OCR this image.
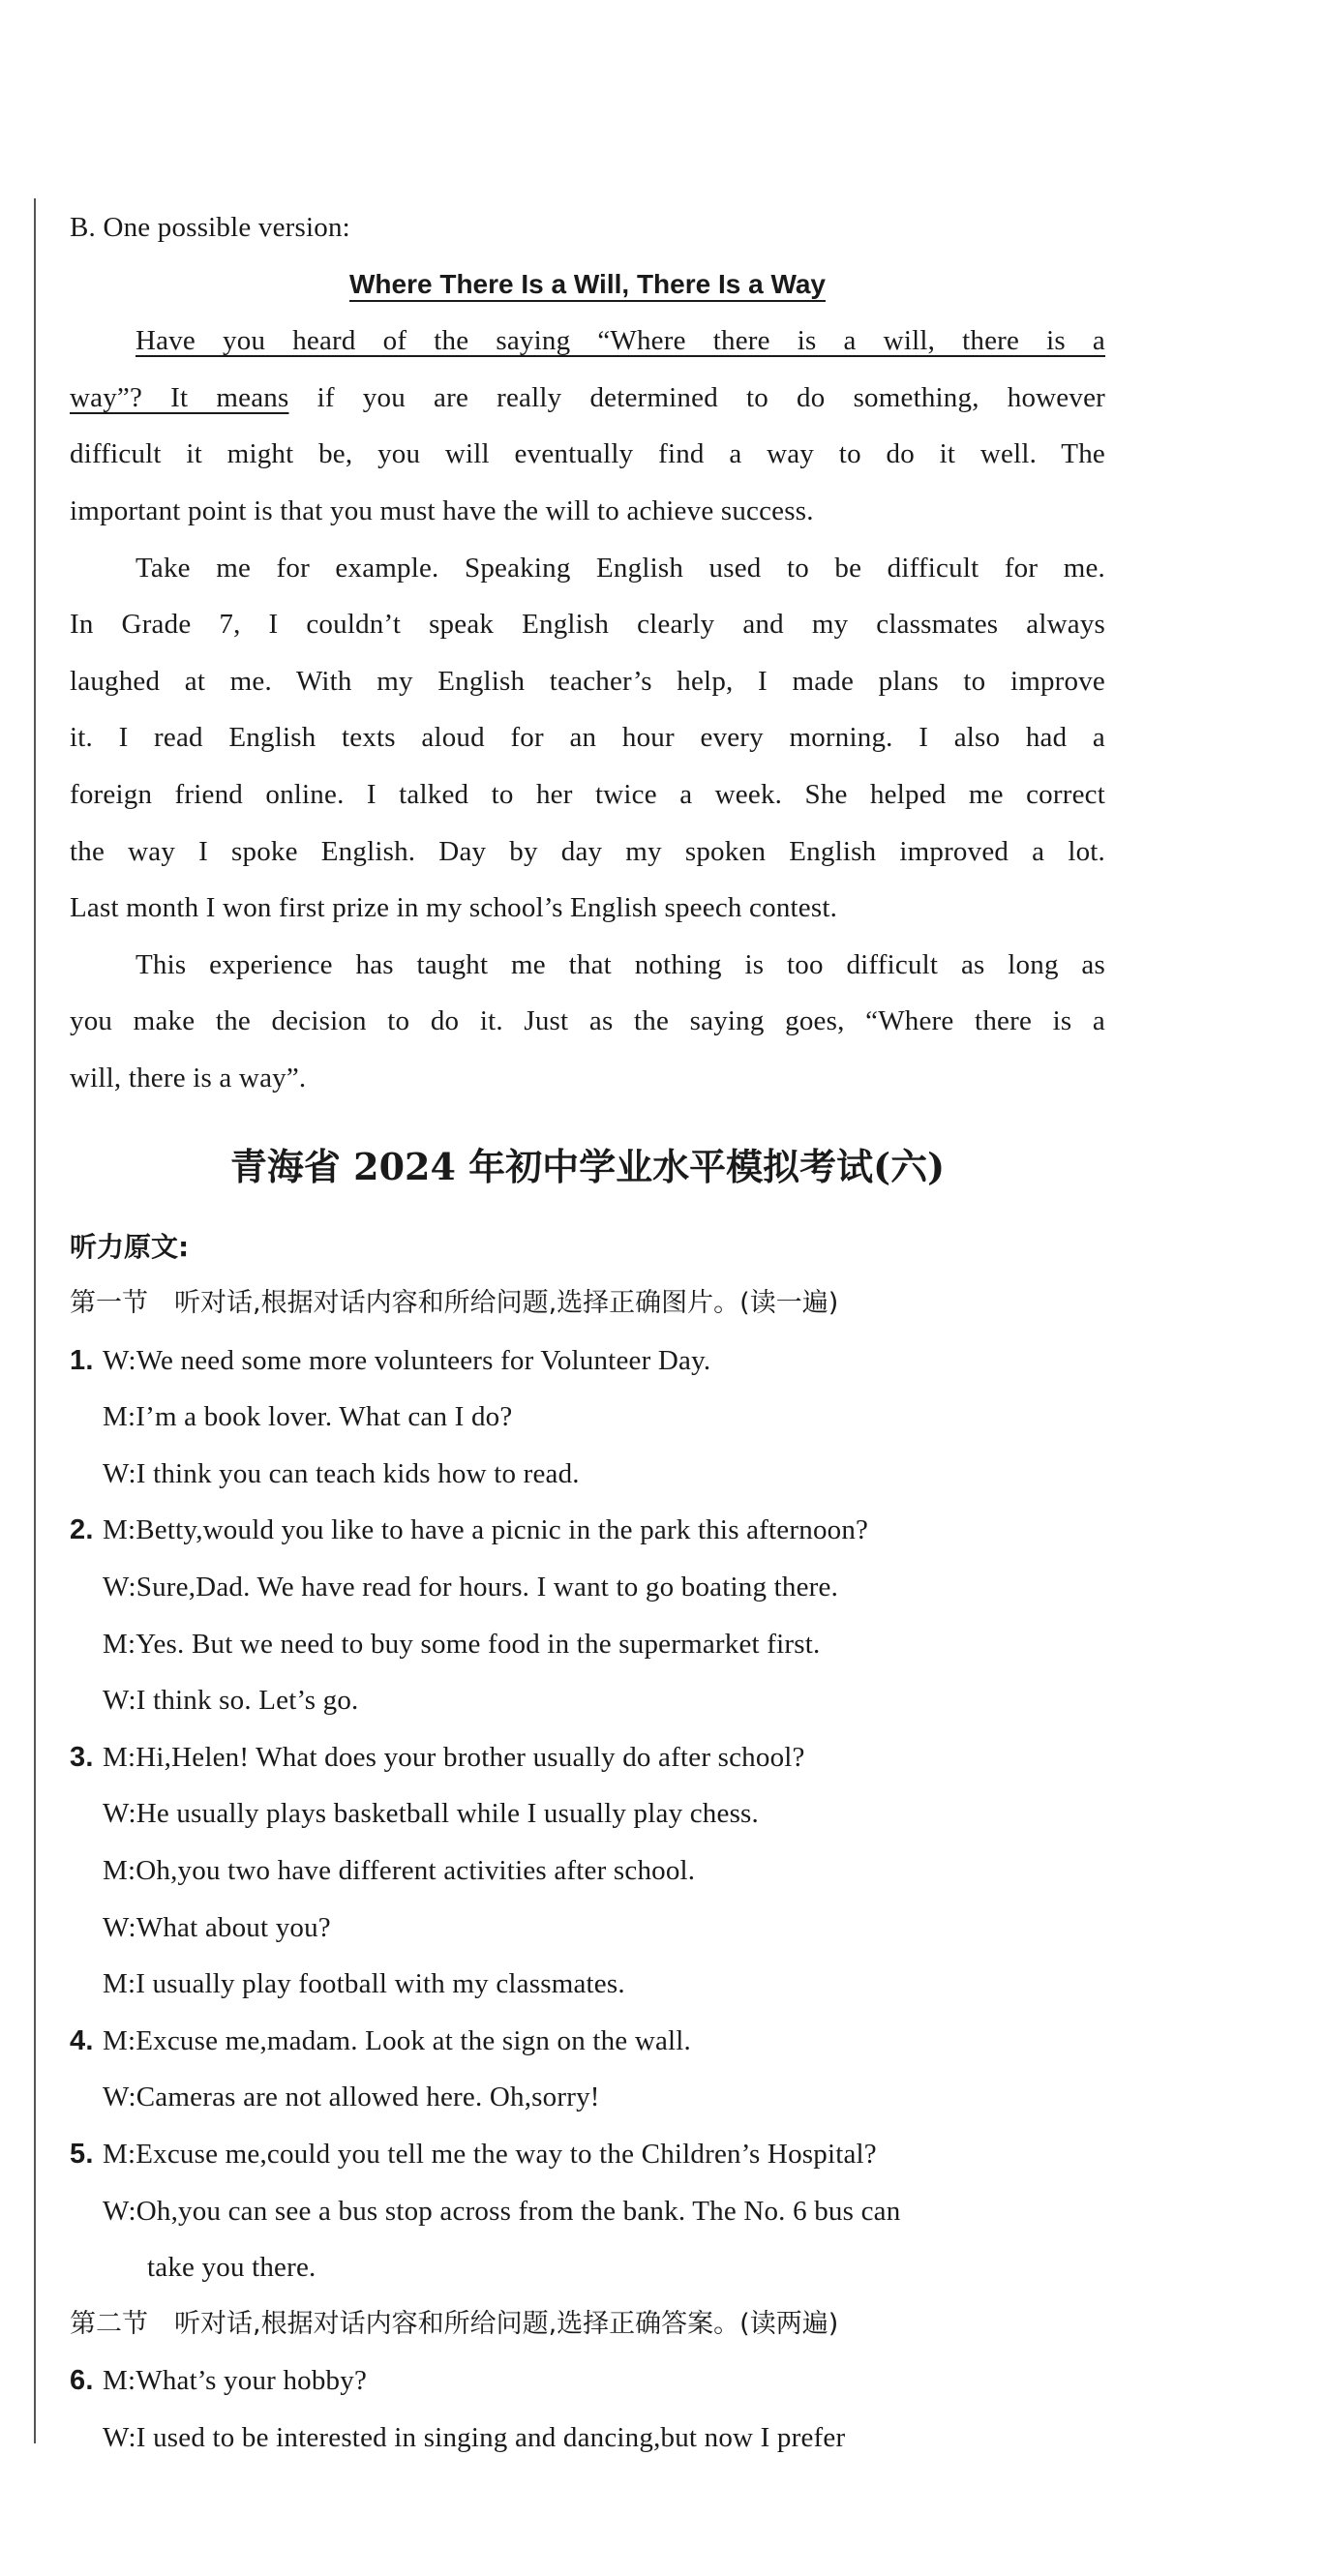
B. One possible version:
Where There Is a Will, There Is a Way
Have you heard of the saying “Where there is a will, there is a
way”? It means if you are really determined to do something, however
difficult it might be, you will eventually find a way to do it well. The
important point is that you must have the will to achieve success.
Take me for example. Speaking English used to be difficult for me.
In Grade 7, I couldn’t speak English clearly and my classmates always
laughed at me. With my English teacher’s help, I made plans to improve
it. I read English texts aloud for an hour every morning. I also had a
foreign friend online. I talked to her twice a week. She helped me correct
the way I spoke English. Day by day my spoken English improved a lot.
Last month I won first prize in my school’s English speech contest.
This experience has taught me that nothing is too difficult as long as
you make the decision to do it. Just as the saying goes, “Where there is a
will, there is a way”.
青海省 2024 年初中学业水平模拟考试(六)
听力原文:
第一节　听对话,根据对话内容和所给问题,选择正确图片。(读一遍)
1. W:We need some more volunteers for Volunteer Day.
M:I’m a book lover. What can I do?
W:I think you can teach kids how to read.
2. M:Betty,would you like to have a picnic in the park this afternoon?
W:Sure,Dad. We have read for hours. I want to go boating there.
M:Yes. But we need to buy some food in the supermarket first.
W:I think so. Let’s go.
3. M:Hi,Helen! What does your brother usually do after school?
W:He usually plays basketball while I usually play chess.
M:Oh,you two have different activities after school.
W:What about you?
M:I usually play football with my classmates.
4. M:Excuse me,madam. Look at the sign on the wall.
W:Cameras are not allowed here. Oh,sorry!
5. M:Excuse me,could you tell me the way to the Children’s Hospital?
W:Oh,you can see a bus stop across from the bank. The No. 6 bus can
take you there.
第二节　听对话,根据对话内容和所给问题,选择正确答案。(读两遍)
6. M:What’s your hobby?
W:I used to be interested in singing and dancing,but now I prefer
